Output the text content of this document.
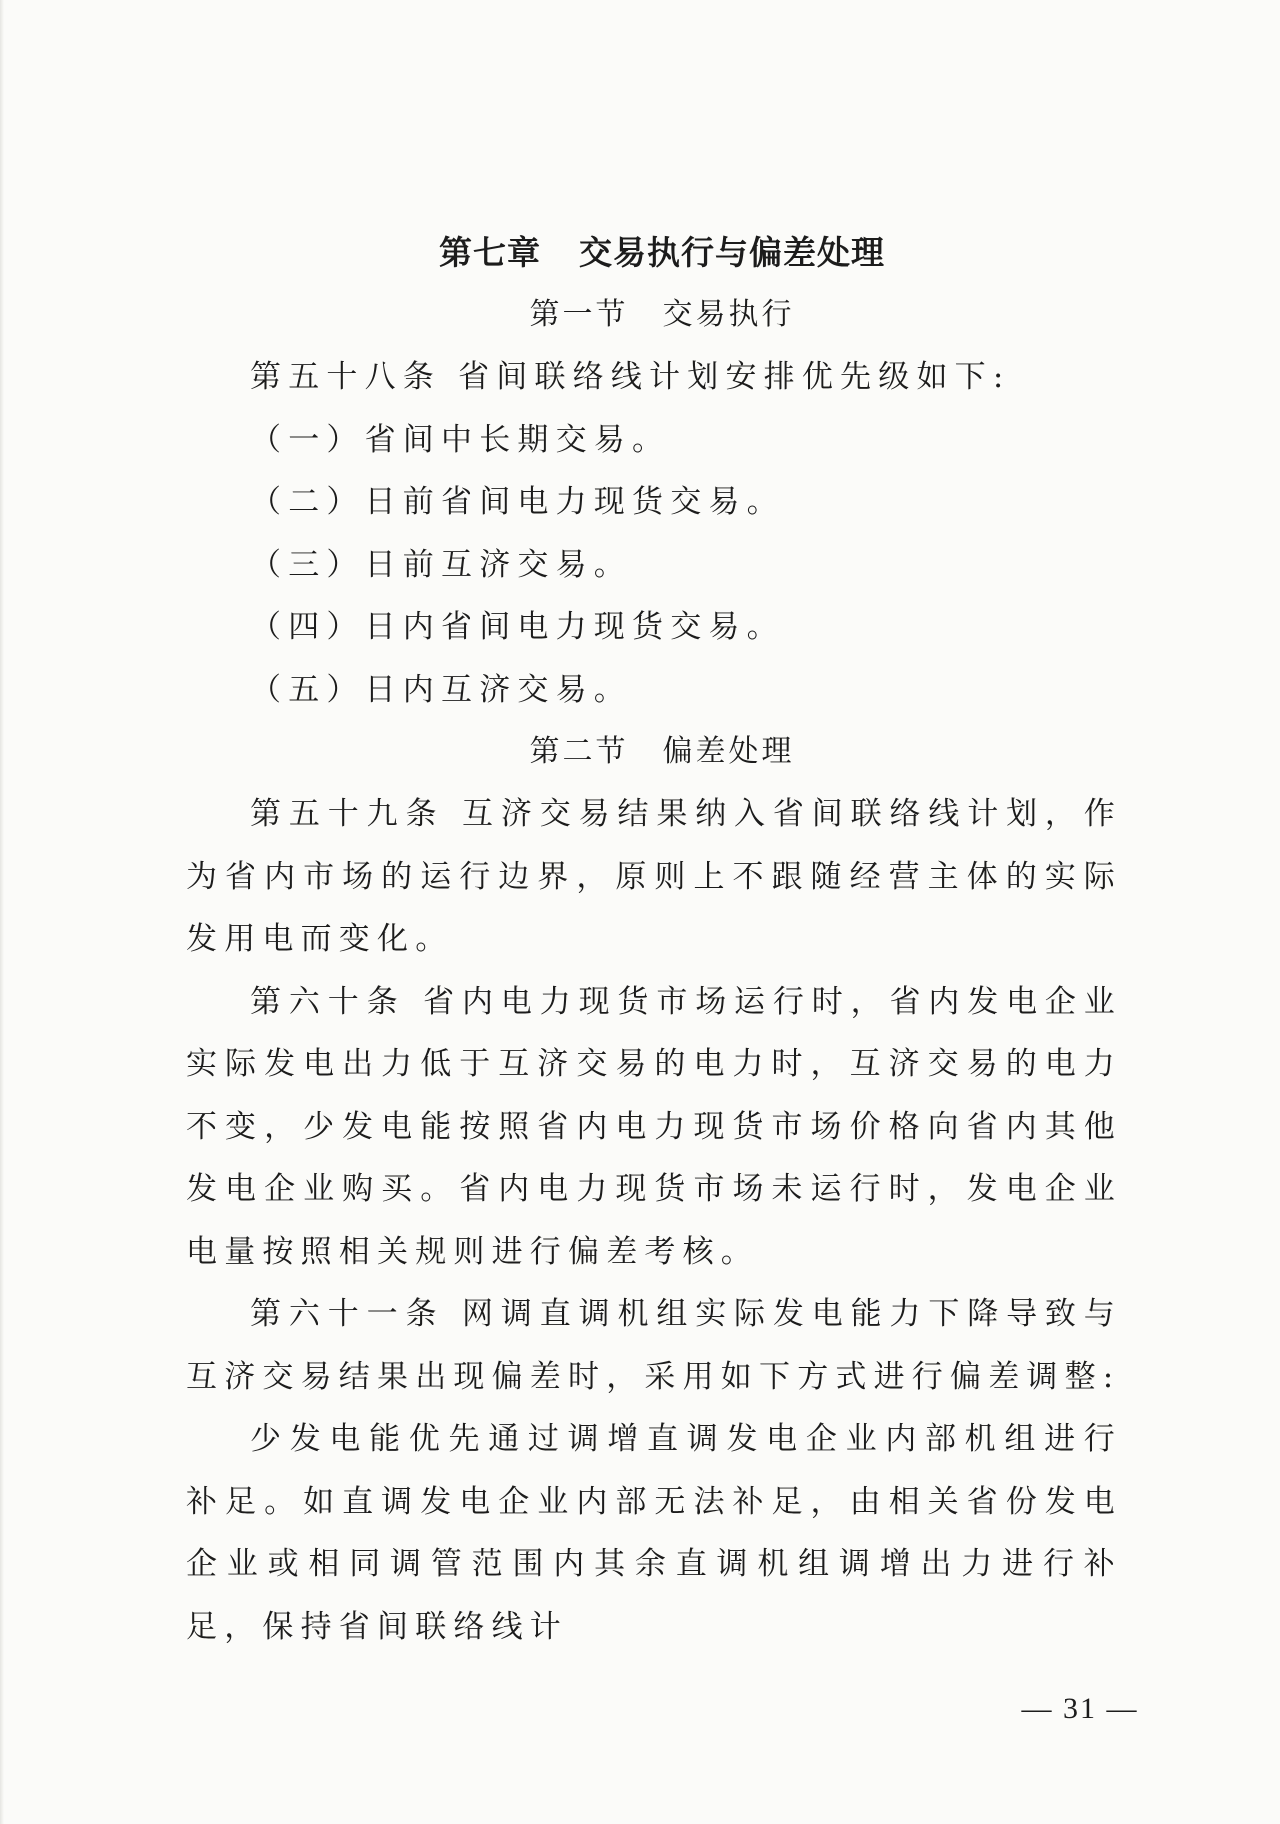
第七章 交易执行与偏差处理
第一节 交易执行

第五十八条 省间联络线计划安排优先级如下:

（一）省间中长期交易。

（二）日前省间电力现货交易。

（三）日前互济交易。

（四）日内省间电力现货交易。

（五）日内互济交易。

第二节 偏差处理

第五十九条 互济交易结果纳入省间联络线计划，作为省内市场的运行边界，原则上不跟随经营主体的实际发用电而变化。

第六十条 省内电力现货市场运行时，省内发电企业实际发电出力低于互济交易的电力时，互济交易的电力不变，少发电能按照省内电力现货市场价格向省内其他发电企业购买。省内电力现货市场未运行时，发电企业电量按照相关规则进行偏差考核。

第六十一条 网调直调机组实际发电能力下降导致与互济交易结果出现偏差时，采用如下方式进行偏差调整:

少发电能优先通过调增直调发电企业内部机组进行补足。如直调发电企业内部无法补足，由相关省份发电企业或相同调管范围内其余直调机组调增出力进行补足，保持省间联络线计

— 31 —
